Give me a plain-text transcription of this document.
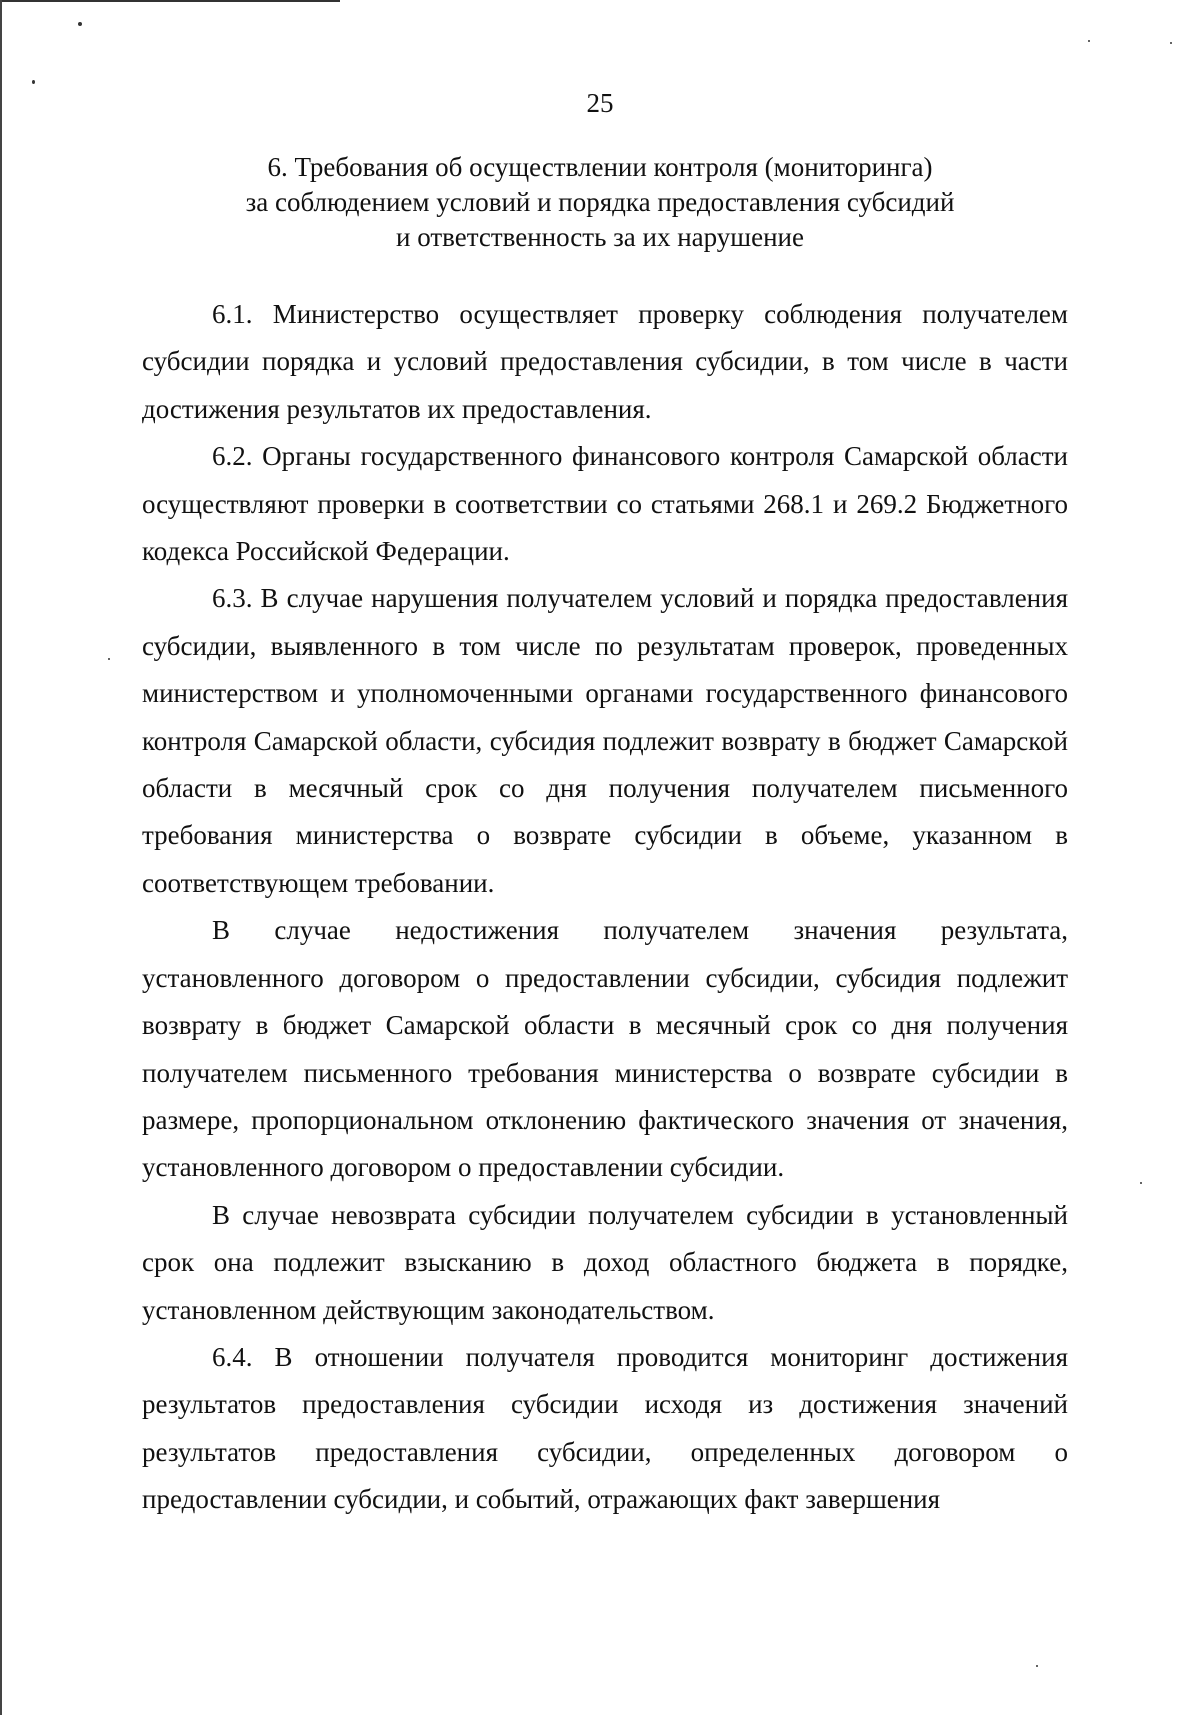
25
6. Требования об осуществлении контроля (мониторинга)
за соблюдением условий и порядка предоставления субсидий
и ответственность за их нарушение

6.1. Министерство осуществляет проверку соблюдения получателем субсидии порядка и условий предоставления субсидии, в том числе в части достижения результатов их предоставления.

6.2. Органы государственного финансового контроля Самарской области осуществляют проверки в соответствии со статьями 268.1 и 269.2 Бюджетного кодекса Российской Федерации.

6.3. В случае нарушения получателем условий и порядка предоставления субсидии, выявленного в том числе по результатам проверок, проведенных министерством и уполномоченными органами государственного финансового контроля Самарской области, субсидия подлежит возврату в бюджет Самарской области в месячный срок со дня получения получателем письменного требования министерства о возврате субсидии в объеме, указанном в соответствующем требовании.

В случае недостижения получателем значения результата, установленного договором о предоставлении субсидии, субсидия подлежит возврату в бюджет Самарской области в месячный срок со дня получения получателем письменного требования министерства о возврате субсидии в размере, пропорциональном отклонению фактического значения от значения, установленного договором о предоставлении субсидии.

В случае невозврата субсидии получателем субсидии в установленный срок она подлежит взысканию в доход областного бюджета в порядке, установленном действующим законодательством.

6.4. В отношении получателя проводится мониторинг достижения результатов предоставления субсидии исходя из достижения значений результатов предоставления субсидии, определенных договором о предоставлении субсидии, и событий, отражающих факт завершения
